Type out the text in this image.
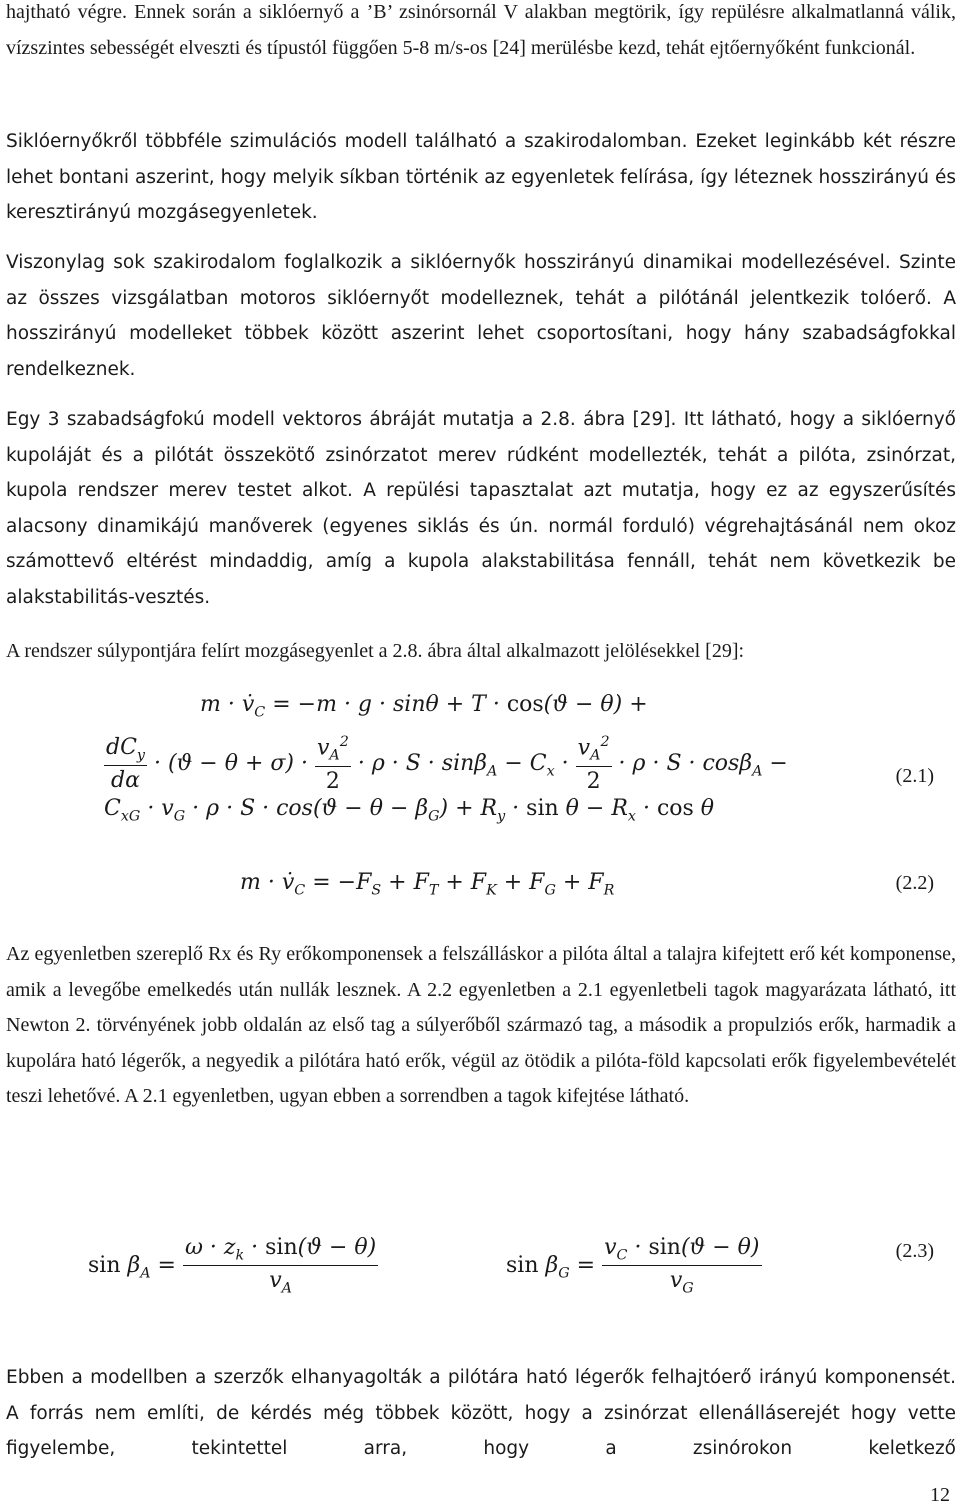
hajtható végre. Ennek során a siklóernyő a ’B’ zsinórsornál V alakban megtörik, így repülésre alkalmatlanná válik, vízszintes sebességét elveszti és típustól függően 5-8 m/s-os [24] merülésbe kezd, tehát ejtőernyőként funkcionál.

Siklóernyőkről többféle szimulációs modell található a szakirodalomban. Ezeket leginkább két részre lehet bontani aszerint, hogy melyik síkban történik az egyenletek felírása, így léteznek hosszirányú és keresztirányú mozgásegyenletek.

Viszonylag sok szakirodalom foglalkozik a siklóernyők hosszirányú dinamikai modellezésével. Szinte az összes vizsgálatban motoros siklóernyőt modelleznek, tehát a pilótánál jelentkezik tolóerő. A hosszirányú modelleket többek között aszerint lehet csoportosítani, hogy hány szabadságfokkal rendelkeznek.

Egy 3 szabadságfokú modell vektoros ábráját mutatja a 2.8. ábra [29]. Itt látható, hogy a siklóernyő kupoláját és a pilótát összekötő zsinórzatot merev rúdként modellezték, tehát a pilóta, zsinórzat, kupola rendszer merev testet alkot. A repülési tapasztalat azt mutatja, hogy ez az egyszerűsítés alacsony dinamikájú manőverek (egyenes siklás és ún. normál forduló) végrehajtásánál nem okoz számottevő eltérést mindaddig, amíg a kupola alakstabilitása fennáll, tehát nem következik be alakstabilitás-vesztés.

A rendszer súlypontjára felírt mozgásegyenlet a 2.8. ábra által alkalmazott jelölésekkel [29]:

$m \cdot v̇_C = -m \cdot g \cdot \sin\theta + T \cdot \cos(ϑ - \theta)$ +
$\frac{dC_y}{d\alpha} \cdot (ϑ - \theta + \sigma) \cdot \frac{v_A^2}{2} \cdot \rho \cdot S \cdot \sin\beta_A - C_x \cdot \frac{v_A^2}{2} \cdot \rho \cdot S \cdot \cos\beta_A$ −
$C_{xG} \cdot v_G \cdot \rho \cdot S \cdot \cos(ϑ - \theta - \beta_G) + R_y \cdot \sin \theta - R_x \cdot \cos \theta$
(2.1)
$m \cdot v̇_C = -F_S + F_T + F_K + F_G + F_R$	(2.2)

Az egyenletben szereplő Rx és Ry erőkomponensek a felszálláskor a pilóta által a talajra kifejtett erő két komponense, amik a levegőbe emelkedés után nullák lesznek. A 2.2 egyenletben a 2.1 egyenletbeli tagok magyarázata látható, itt Newton 2. törvényének jobb oldalán az első tag a súlyerőből származó tag, a második a propulziós erők, harmadik a kupolára ható légerők, a negyedik a pilótára ható erők, végül az ötödik a pilóta-föld kapcsolati erők figyelembevételét teszi lehetővé. A 2.1 egyenletben, ugyan ebben a sorrendben a tagok kifejtése látható.

$\sin \beta_A = \frac{\omega \cdot z_k \cdot \sin(ϑ - \theta)}{v_A}$	$\sin \beta_G = \frac{v_C \cdot \sin(ϑ - \theta)}{v_G}$	(2.3)

Ebben a modellben a szerzők elhanyagolták a pilótára ható légerők felhajtóerő irányú komponensét. A forrás nem említi, de kérdés még többek között, hogy a zsinórzat ellenálláserejét hogy vette figyelembe, tekintettel arra, hogy a zsinórokon keletkező

12
